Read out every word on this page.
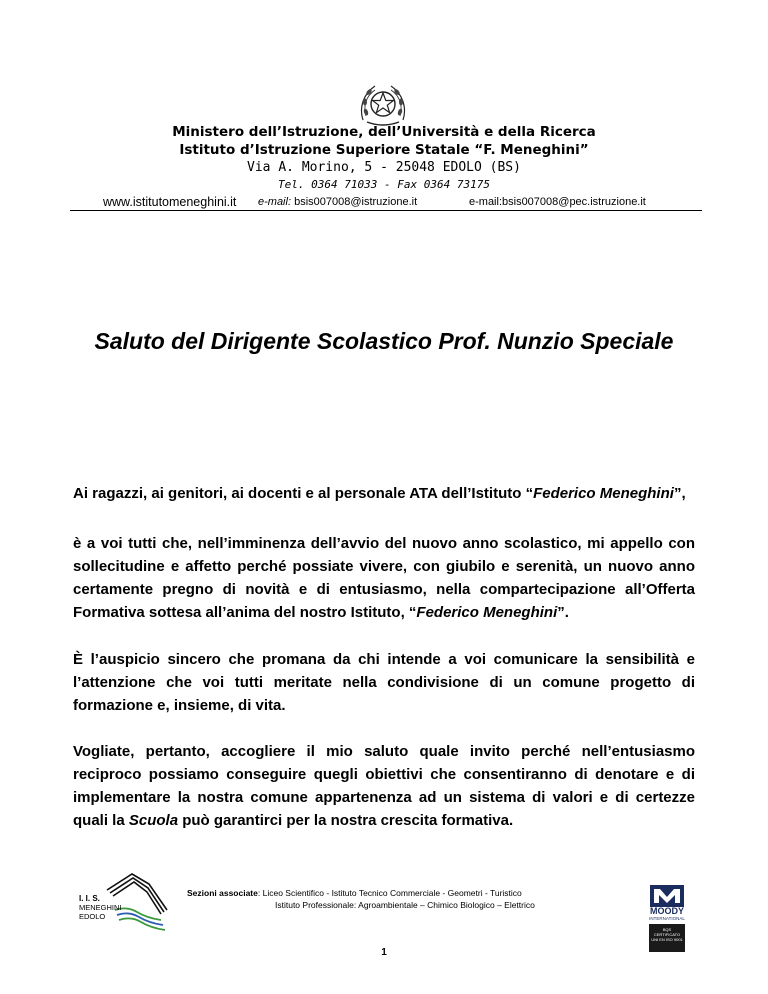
Ministero dell’Istruzione, dell’Università e della Ricerca
Istituto d’Istruzione Superiore Statale “F. Meneghini”
Via A. Morino, 5 - 25048 EDOLO (BS)
Tel. 0364 71033 - Fax 0364 73175
www.istitutomeneghini.it e-mail: bsis007008@istruzione.it	e-mail:bsis007008@pec.istruzione.it
Saluto del Dirigente Scolastico Prof. Nunzio Speciale
Ai ragazzi, ai genitori, ai docenti e al personale ATA dell’Istituto “Federico Meneghini”,
è a voi tutti che, nell’imminenza dell’avvio del nuovo anno scolastico, mi appello con sollecitudine e affetto perché possiate vivere, con giubilo e serenità, un nuovo anno certamente pregno di novità e di entusiasmo, nella compartecipazione all’Offerta Formativa sottesa all’anima del nostro Istituto, “Federico Meneghini”.
È l’auspicio sincero che promana da chi intende a voi comunicare la sensibilità e l’attenzione che voi tutti meritate nella condivisione di un comune progetto di formazione e, insieme, di vita.
Vogliate, pertanto, accogliere il mio saluto quale invito perché nell’entusiasmo reciproco possiamo conseguire quegli obiettivi che consentiranno di denotare e di implementare la nostra comune appartenenza ad un sistema di valori e di certezze quali la Scuola può garantirci per la nostra crescita formativa.
I. I. S.
MENEGHINI
EDOLO
Sezioni associate: Liceo Scientifico - Istituto Tecnico Commerciale - Geometri - Turistico
Istituto Professionale: Agroambientale – Chimico Biologico – Elettrico
MOODY
INTERNATIONAL
BQS
CERTIFICATO
UNI EN ISO 9001
1
